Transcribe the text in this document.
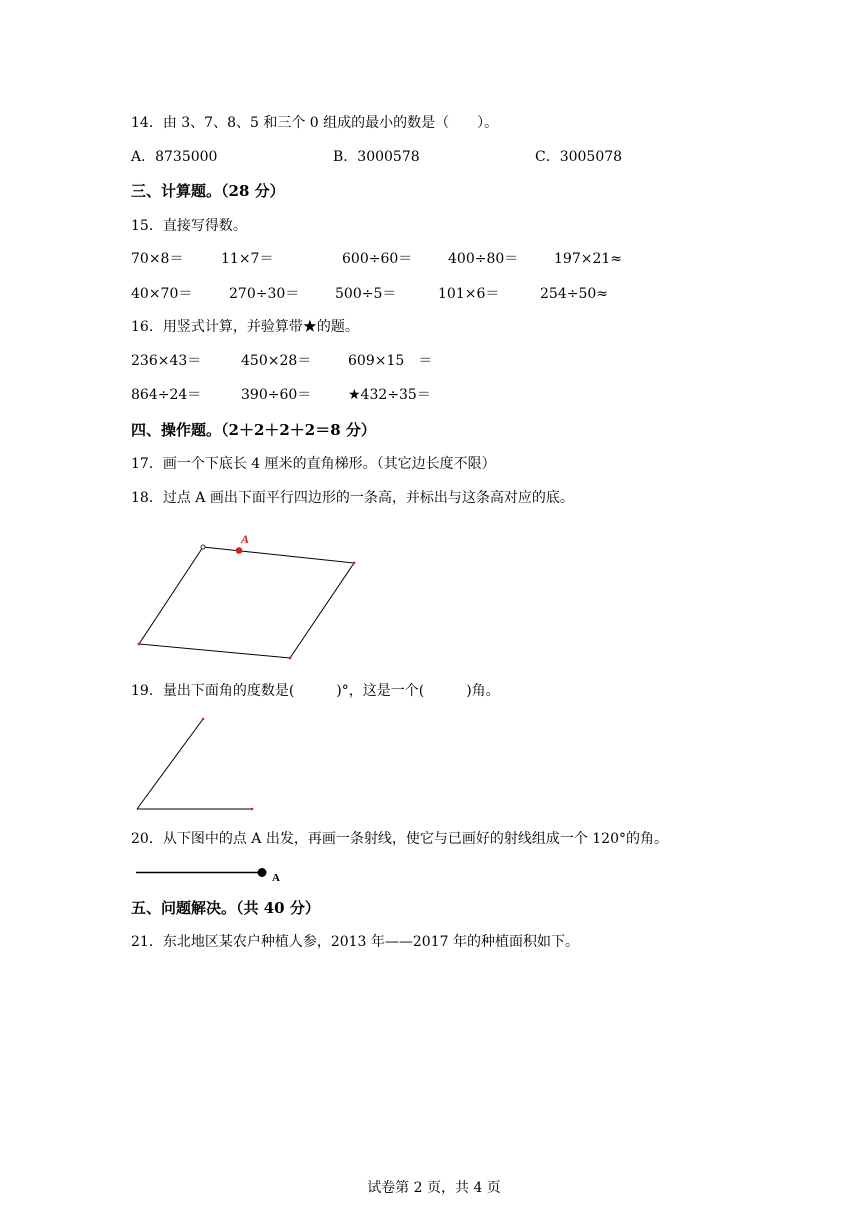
14．由 3、7、8、5 和三个 0 组成的最小的数是（　　）。
A．8735000	B．3000578	C．3005078
三、计算题。（28 分）
15．直接写得数。
70×8＝	11×7＝	600÷60＝	400÷80＝	197×21≈
40×70＝	270÷30＝	500÷5＝	101×6＝	254÷50≈
16．用竖式计算，并验算带★的题。
236×43＝	450×28＝	609×15　＝
864÷24＝	390÷60＝	★432÷35＝
四、操作题。（2＋2＋2＋2＝8 分）
17．画一个下底长 4 厘米的直角梯形。（其它边长度不限）
18．过点 A 画出下面平行四边形的一条高，并标出与这条高对应的底。
A
A
19．量出下面角的度数是(　　　)°，这是一个(　　　)角。
20．从下图中的点 A 出发，再画一条射线，使它与已画好的射线组成一个 120°的角。
五、问题解决。（共 40 分）
21．东北地区某农户种植人参，2013 年——2017 年的种植面积如下。
试卷第 2 页，共 4 页
